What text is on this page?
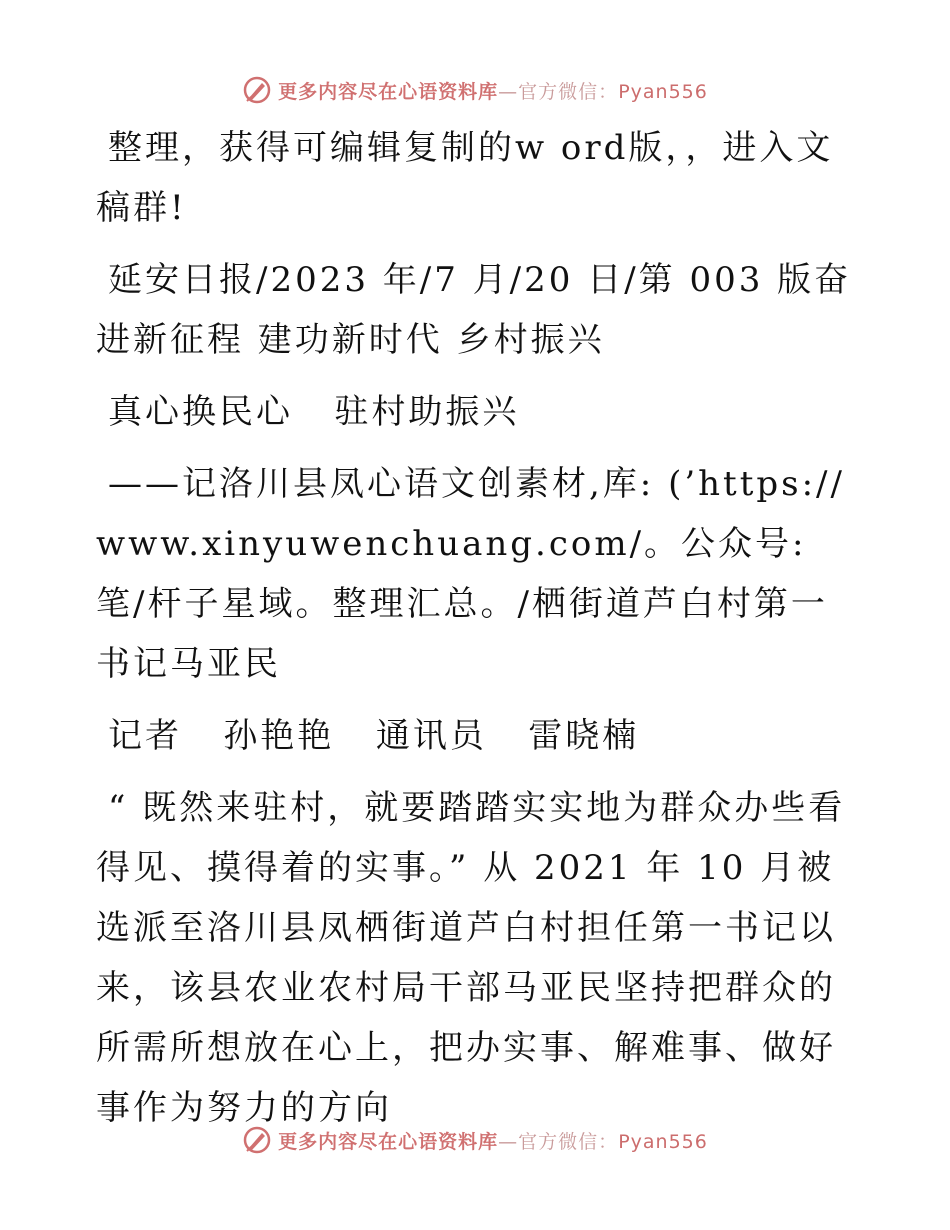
更多内容尽在心语资料库—官方微信：Pyan556

整理，获得可编辑复制的w ord版，，进入文稿群!

延安日报/2023 年/7 月/20 日/第 003 版奋进新征程 建功新时代 乡村振兴

真心换民心   驻村助振兴

——记洛川县凤心语文创素材,库: (’https://www.xinyuwenchuang.com/。公众号: 笔/杆子星域。整理汇总。/栖街道芦白村第一书记马亚民

记者   孙艳艳   通讯员   雷晓楠

“ 既然来驻村，就要踏踏实实地为群众办些看得见、摸得着的实事。” 从 2021 年 10 月被选派至洛川县凤栖街道芦白村担任第一书记以来，该县农业农村局干部马亚民坚持把群众的所需所想放在心上，把办实事、解难事、做好事作为努力的方向

更多内容尽在心语资料库—官方微信：Pyan556
